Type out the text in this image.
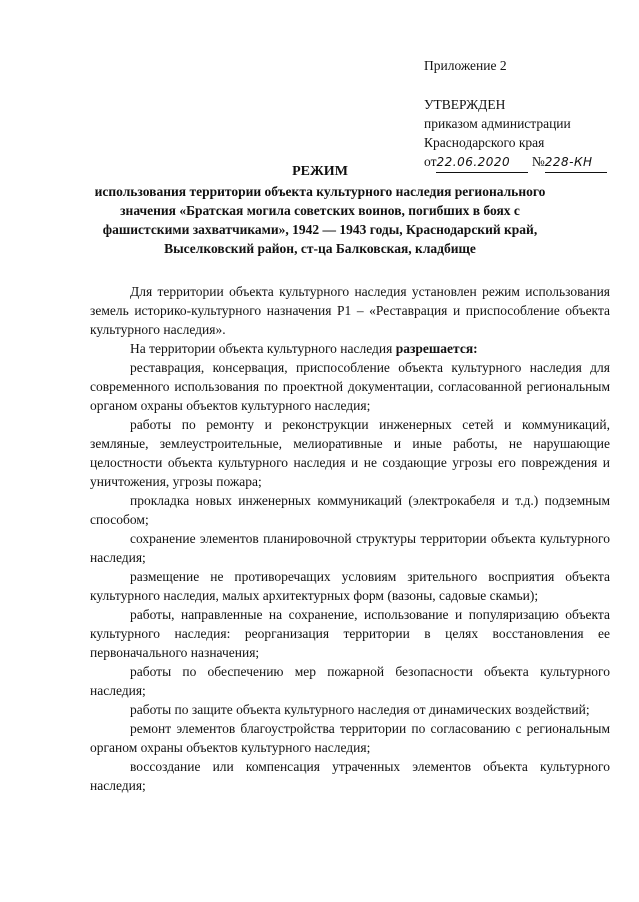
Приложение 2
УТВЕРЖДЕН
приказом администрации
Краснодарского края
от22.06.2020 №228-КН
РЕЖИМ
использования территории объекта культурного наследия регионального значения «Братская могила советских воинов, погибших в боях с фашистскими захватчиками», 1942 — 1943 годы, Краснодарский край, Выселковский район, ст-ца Балковская, кладбище

Для территории объекта культурного наследия установлен режим использования земель историко-культурного назначения Р1 – «Реставрация и приспособление объекта культурного наследия».

На территории объекта культурного наследия разрешается:

реставрация, консервация, приспособление объекта культурного наследия для современного использования по проектной документации, согласованной региональным органом охраны объектов культурного наследия;

работы по ремонту и реконструкции инженерных сетей и коммуникаций, земляные, землеустроительные, мелиоративные и иные работы, не нарушающие целостности объекта культурного наследия и не создающие угрозы его повреждения и уничтожения, угрозы пожара;

прокладка новых инженерных коммуникаций (электрокабеля и т.д.) подземным способом;

сохранение элементов планировочной структуры территории объекта культурного наследия;

размещение не противоречащих условиям зрительного восприятия объекта культурного наследия, малых архитектурных форм (вазоны, садовые скамьи);

работы, направленные на сохранение, использование и популяризацию объекта культурного наследия: реорганизация территории в целях восстановления ее первоначального назначения;

работы по обеспечению мер пожарной безопасности объекта культурного наследия;

работы по защите объекта культурного наследия от динамических воздействий;

ремонт элементов благоустройства территории по согласованию с региональным органом охраны объектов культурного наследия;

воссоздание или компенсация утраченных элементов объекта культурного наследия;
